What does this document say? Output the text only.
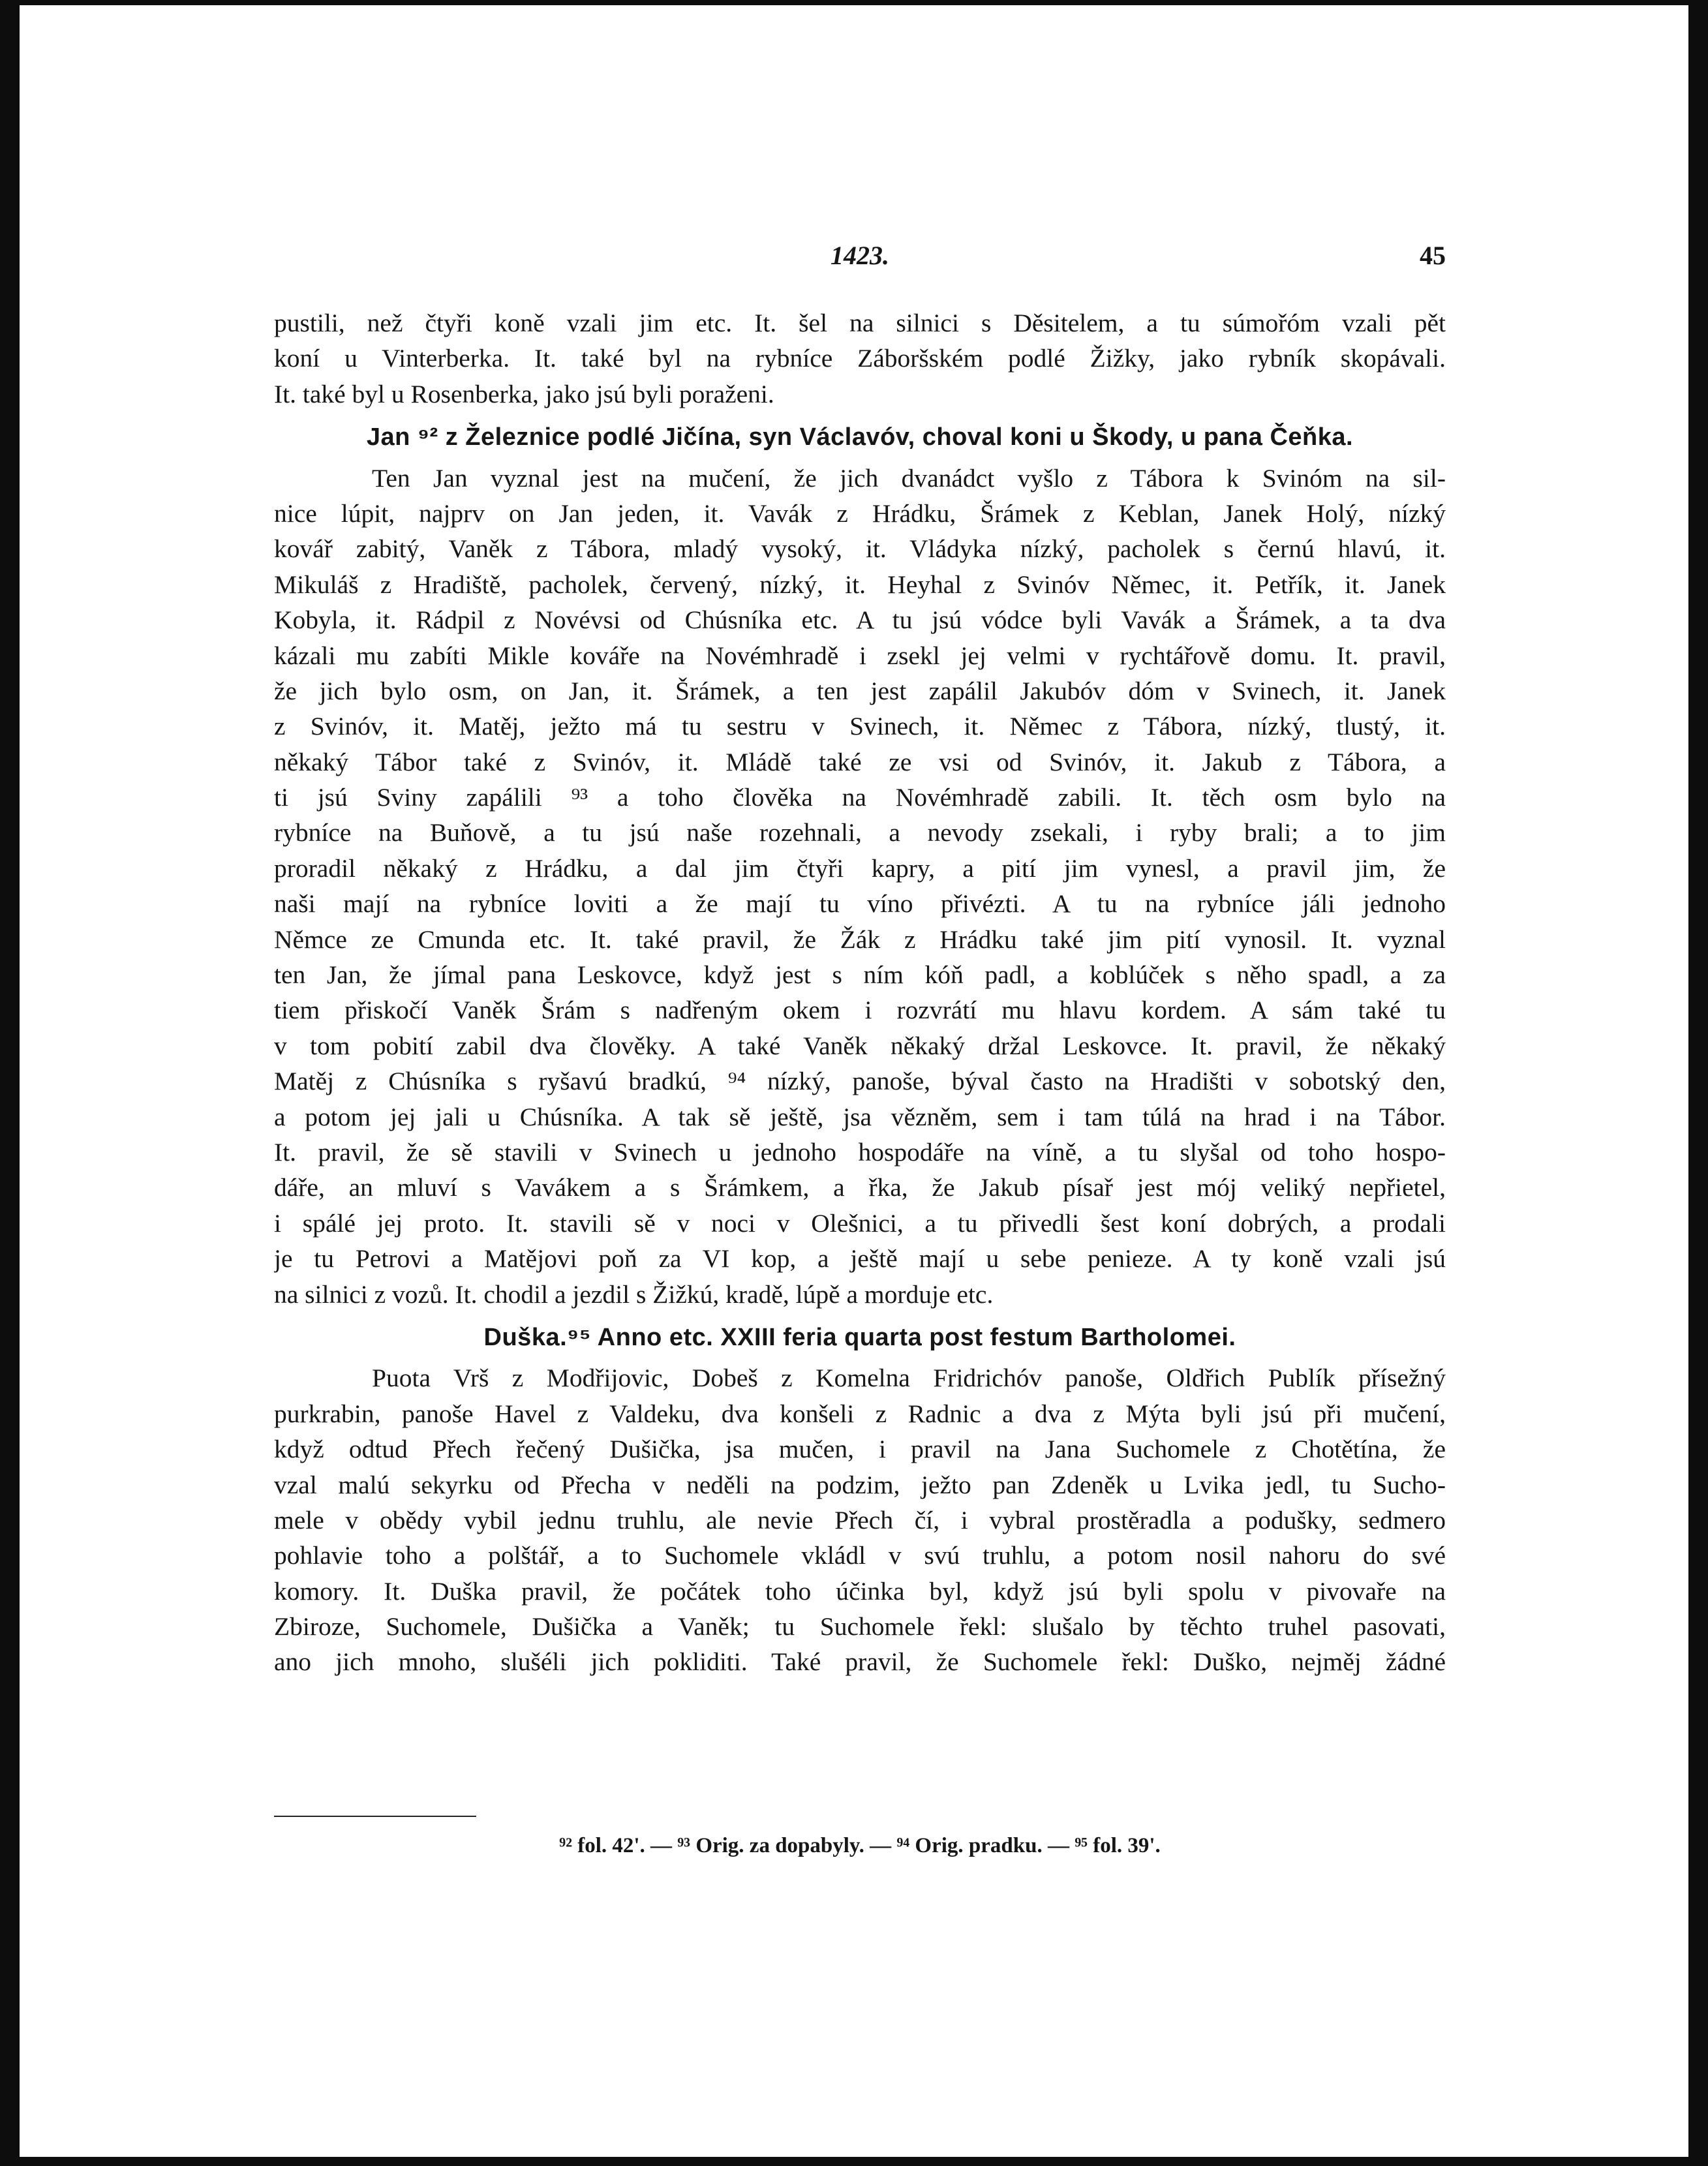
1423.	45
pustili, než čtyři koně vzali jim etc. It. šel na silnici s Děsitelem, a tu súmořóm vzali pět
koní u Vinterberka. It. také byl na rybníce Záboršském podlé Žižky, jako rybník skopávali.
It. také byl u Rosenberka, jako jsú byli poraženi.
Jan ⁹² z Železnice podlé Jičína, syn Václavóv, choval koni u Škody, u pana Čeňka.
Ten Jan vyznal jest na mučení, že jich dvanádct vyšlo z Tábora k Svinóm na sil-
nice lúpit, najprv on Jan jeden, it. Vavák z Hrádku, Šrámek z Keblan, Janek Holý, nízký
kovář zabitý, Vaněk z Tábora, mladý vysoký, it. Vládyka nízký, pacholek s černú hlavú, it.
Mikuláš z Hradiště, pacholek, červený, nízký, it. Heyhal z Svinóv Němec, it. Petřík, it. Janek
Kobyla, it. Rádpil z Novévsi od Chúsníka etc. A tu jsú vódce byli Vavák a Šrámek, a ta dva
kázali mu zabíti Mikle kováře na Novémhradě i zsekl jej velmi v rychtářově domu. It. pravil,
že jich bylo osm, on Jan, it. Šrámek, a ten jest zapálil Jakubóv dóm v Svinech, it. Janek
z Svinóv, it. Matěj, ježto má tu sestru v Svinech, it. Němec z Tábora, nízký, tlustý, it.
někaký Tábor také z Svinóv, it. Mládě také ze vsi od Svinóv, it. Jakub z Tábora, a
ti jsú Sviny zapálili ⁹³ a toho člověka na Novémhradě zabili. It. těch osm bylo na
rybníce na Buňově, a tu jsú naše rozehnali, a nevody zsekali, i ryby brali; a to jim
proradil někaký z Hrádku, a dal jim čtyři kapry, a pití jim vynesl, a pravil jim, že
naši mají na rybníce loviti a že mají tu víno přivézti. A tu na rybníce jáli jednoho
Němce ze Cmunda etc. It. také pravil, že Žák z Hrádku také jim pití vynosil. It. vyznal
ten Jan, že jímal pana Leskovce, když jest s ním kóň padl, a koblúček s něho spadl, a za
tiem přiskočí Vaněk Šrám s nadřeným okem i rozvrátí mu hlavu kordem. A sám také tu
v tom pobití zabil dva člověky. A také Vaněk někaký držal Leskovce. It. pravil, že někaký
Matěj z Chúsníka s ryšavú bradkú, ⁹⁴ nízký, panoše, býval často na Hradišti v sobotský den,
a potom jej jali u Chúsníka. A tak sě ještě, jsa vězněm, sem i tam túlá na hrad i na Tábor.
It. pravil, že sě stavili v Svinech u jednoho hospodáře na víně, a tu slyšal od toho hospo-
dáře, an mluví s Vavákem a s Šrámkem, a řka, že Jakub písař jest mój veliký nepřietel,
i spálé jej proto. It. stavili sě v noci v Olešnici, a tu přivedli šest koní dobrých, a prodali
je tu Petrovi a Matějovi poň za VI kop, a ještě mají u sebe penieze. A ty koně vzali jsú
na silnici z vozů. It. chodil a jezdil s Žižkú, kradě, lúpě a morduje etc.
Duška.⁹⁵ Anno etc. XXIII feria quarta post festum Bartholomei.
Puota Vrš z Modřijovic, Dobeš z Komelna Fridrichóv panoše, Oldřich Publík přísežný
purkrabin, panoše Havel z Valdeku, dva konšeli z Radnic a dva z Mýta byli jsú při mučení,
když odtud Přech řečený Dušička, jsa mučen, i pravil na Jana Suchomele z Chotětína, že
vzal malú sekyrku od Přecha v neděli na podzim, ježto pan Zdeněk u Lvika jedl, tu Sucho-
mele v obědy vybil jednu truhlu, ale nevie Přech čí, i vybral prostěradla a podušky, sedmero
pohlavie toho a polštář, a to Suchomele vkládl v svú truhlu, a potom nosil nahoru do své
komory. It. Duška pravil, že počátek toho účinka byl, když jsú byli spolu v pivovaře na
Zbiroze, Suchomele, Dušička a Vaněk; tu Suchomele řekl: slušalo by těchto truhel pasovati,
ano jich mnoho, slušéli jich pokliditi. Také pravil, že Suchomele řekl: Duško, nejměj žádné
⁹² fol. 42'. — ⁹³ Orig. za dopabyly. — ⁹⁴ Orig. pradku. — ⁹⁵ fol. 39'.
